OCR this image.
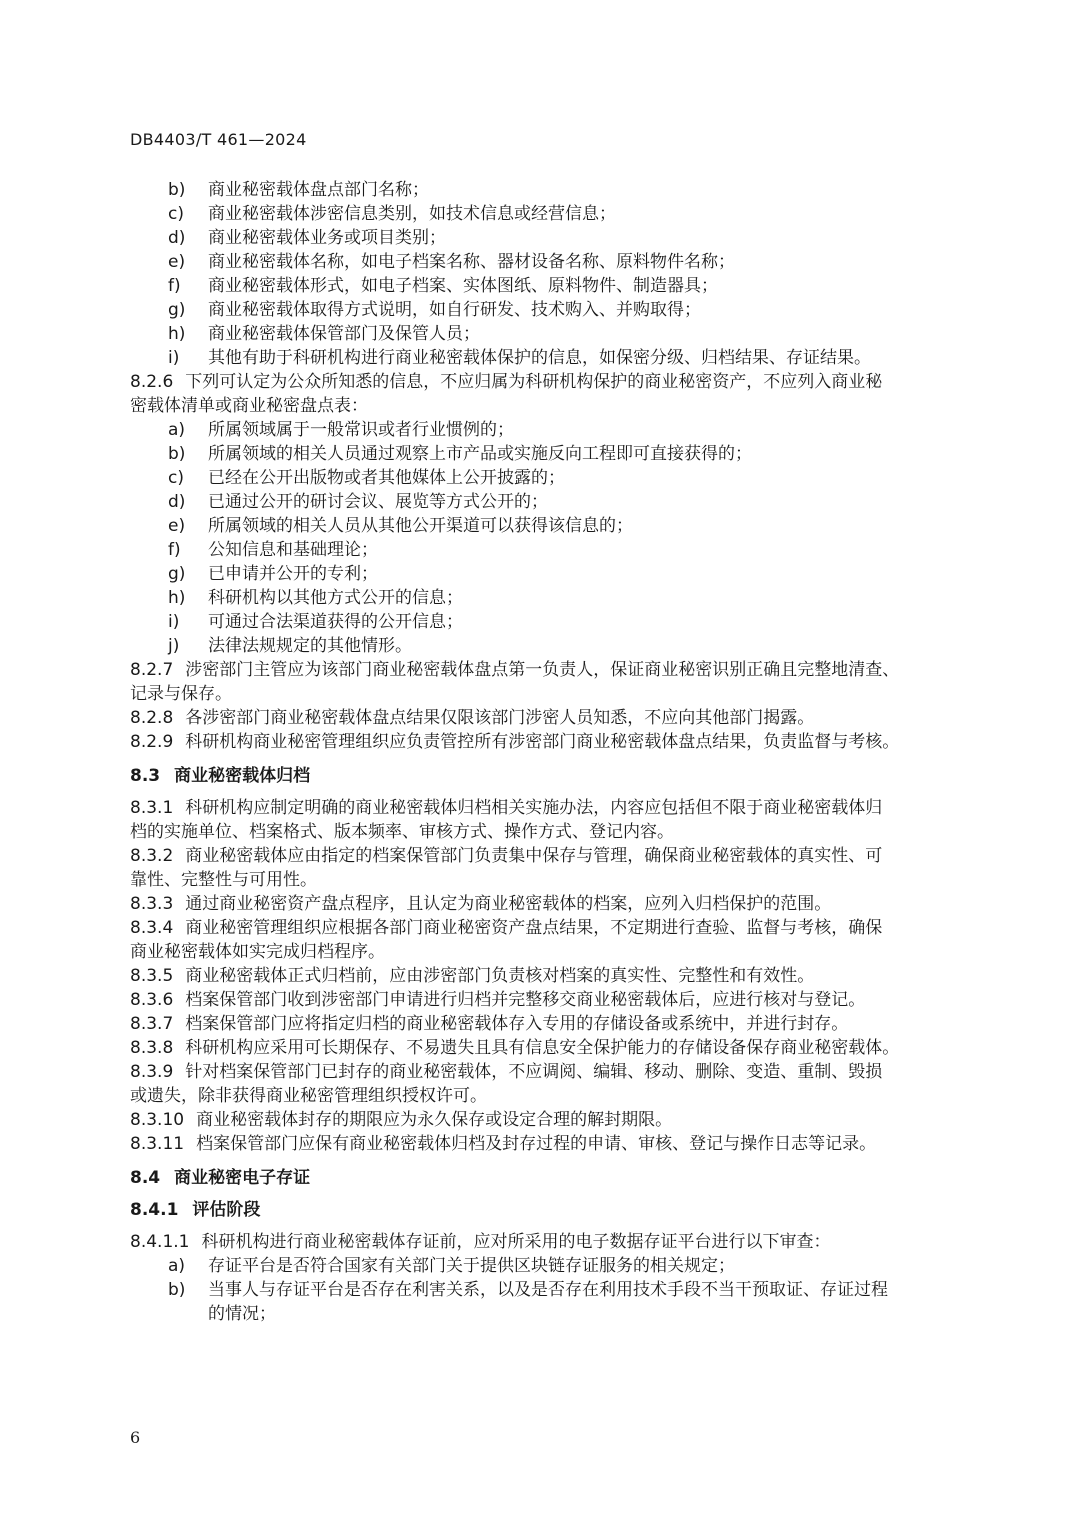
DB4403/T 461—2024
b) 商业秘密载体盘点部门名称；
c) 商业秘密载体涉密信息类别，如技术信息或经营信息；
d) 商业秘密载体业务或项目类别；
e) 商业秘密载体名称，如电子档案名称、器材设备名称、原料物件名称；
f) 商业秘密载体形式，如电子档案、实体图纸、原料物件、制造器具；
g) 商业秘密载体取得方式说明，如自行研发、技术购入、并购取得；
h) 商业秘密载体保管部门及保管人员；
i) 其他有助于科研机构进行商业秘密载体保护的信息，如保密分级、归档结果、存证结果。
8.2.6 下列可认定为公众所知悉的信息，不应归属为科研机构保护的商业秘密资产，不应列入商业秘
密载体清单或商业秘密盘点表：
a) 所属领域属于一般常识或者行业惯例的；
b) 所属领域的相关人员通过观察上市产品或实施反向工程即可直接获得的；
c) 已经在公开出版物或者其他媒体上公开披露的；
d) 已通过公开的研讨会议、展览等方式公开的；
e) 所属领域的相关人员从其他公开渠道可以获得该信息的；
f) 公知信息和基础理论；
g) 已申请并公开的专利；
h) 科研机构以其他方式公开的信息；
i) 可通过合法渠道获得的公开信息；
j) 法律法规规定的其他情形。
8.2.7 涉密部门主管应为该部门商业秘密载体盘点第一负责人，保证商业秘密识别正确且完整地清查、
记录与保存。
8.2.8 各涉密部门商业秘密载体盘点结果仅限该部门涉密人员知悉，不应向其他部门揭露。
8.2.9 科研机构商业秘密管理组织应负责管控所有涉密部门商业秘密载体盘点结果，负责监督与考核。
8.3 商业秘密载体归档
8.3.1 科研机构应制定明确的商业秘密载体归档相关实施办法，内容应包括但不限于商业秘密载体归
档的实施单位、档案格式、版本频率、审核方式、操作方式、登记内容。
8.3.2 商业秘密载体应由指定的档案保管部门负责集中保存与管理，确保商业秘密载体的真实性、可
靠性、完整性与可用性。
8.3.3 通过商业秘密资产盘点程序，且认定为商业秘密载体的档案，应列入归档保护的范围。
8.3.4 商业秘密管理组织应根据各部门商业秘密资产盘点结果，不定期进行查验、监督与考核，确保
商业秘密载体如实完成归档程序。
8.3.5 商业秘密载体正式归档前，应由涉密部门负责核对档案的真实性、完整性和有效性。
8.3.6 档案保管部门收到涉密部门申请进行归档并完整移交商业秘密载体后，应进行核对与登记。
8.3.7 档案保管部门应将指定归档的商业秘密载体存入专用的存储设备或系统中，并进行封存。
8.3.8 科研机构应采用可长期保存、不易遗失且具有信息安全保护能力的存储设备保存商业秘密载体。
8.3.9 针对档案保管部门已封存的商业秘密载体，不应调阅、编辑、移动、删除、变造、重制、毁损
或遗失，除非获得商业秘密管理组织授权许可。
8.3.10 商业秘密载体封存的期限应为永久保存或设定合理的解封期限。
8.3.11 档案保管部门应保有商业秘密载体归档及封存过程的申请、审核、登记与操作日志等记录。
8.4 商业秘密电子存证
8.4.1 评估阶段
8.4.1.1 科研机构进行商业秘密载体存证前，应对所采用的电子数据存证平台进行以下审查：
a) 存证平台是否符合国家有关部门关于提供区块链存证服务的相关规定；
b) 当事人与存证平台是否存在利害关系，以及是否存在利用技术手段不当干预取证、存证过程
的情况；
6
